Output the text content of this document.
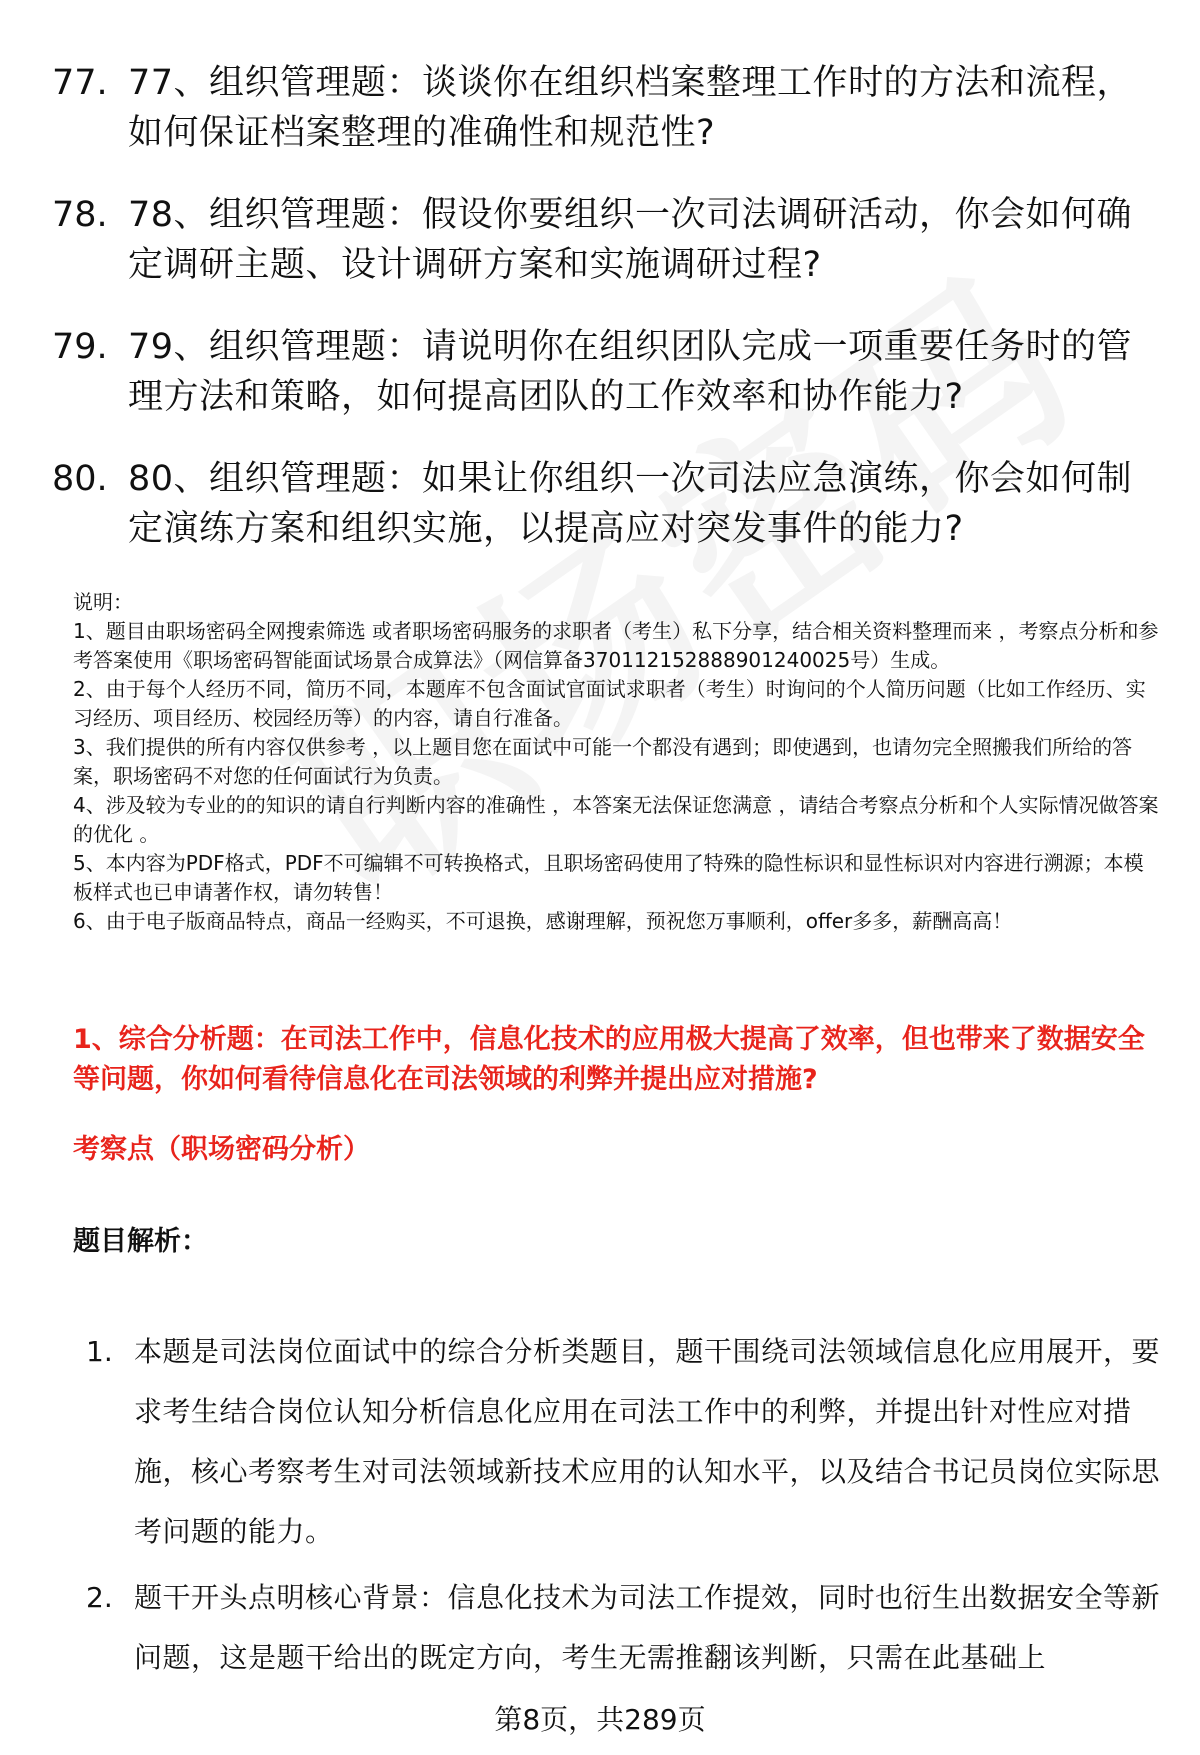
77. 77、组织管理题：谈谈你在组织档案整理工作时的方法和流程，如何保证档案整理的准确性和规范性?
78. 78、组织管理题：假设你要组织一次司法调研活动，你会如何确定调研主题、设计调研方案和实施调研过程?
79. 79、组织管理题：请说明你在组织团队完成一项重要任务时的管理方法和策略，如何提高团队的工作效率和协作能力?
80. 80、组织管理题：如果让你组织一次司法应急演练，你会如何制定演练方案和组织实施，以提高应对突发事件的能力?

说明：

1、题目由职场密码全网搜索筛选 或者职场密码服务的求职者（考生）私下分享，结合相关资料整理而来 ，考察点分析和参考答案使用《职场密码智能面试场景合成算法》（网信算备370112152888901240025号）生成。

2、由于每个人经历不同，简历不同，本题库不包含面试官面试求职者（考生）时询问的个人简历问题（比如工作经历、实习经历、项目经历、校园经历等）的内容，请自行准备。

3、我们提供的所有内容仅供参考 ，以上题目您在面试中可能一个都没有遇到；即使遇到，也请勿完全照搬我们所给的答案，职场密码不对您的任何面试行为负责。

4、涉及较为专业的的知识的请自行判断内容的准确性 ，本答案无法保证您满意 ，请结合考察点分析和个人实际情况做答案的优化 。

5、本内容为PDF格式，PDF不可编辑不可转换格式，且职场密码使用了特殊的隐性标识和显性标识对内容进行溯源；本模板样式也已申请著作权，请勿转售！

6、由于电子版商品特点，商品一经购买，不可退换，感谢理解，预祝您万事顺利，offer多多，薪酬高高！

1、综合分析题：在司法工作中，信息化技术的应用极大提高了效率，但也带来了数据安全等问题，你如何看待信息化在司法领域的利弊并提出应对措施?
考察点（职场密码分析）
题目解析：
1. 本题是司法岗位面试中的综合分析类题目，题干围绕司法领域信息化应用展开，要求考生结合岗位认知分析信息化应用在司法工作中的利弊，并提出针对性应对措施，核心考察考生对司法领域新技术应用的认知水平，以及结合书记员岗位实际思考问题的能力。
2. 题干开头点明核心背景：信息化技术为司法工作提效，同时也衍生出数据安全等新问题，这是题干给出的既定方向，考生无需推翻该判断，只需在此基础上
第8页，共289页
